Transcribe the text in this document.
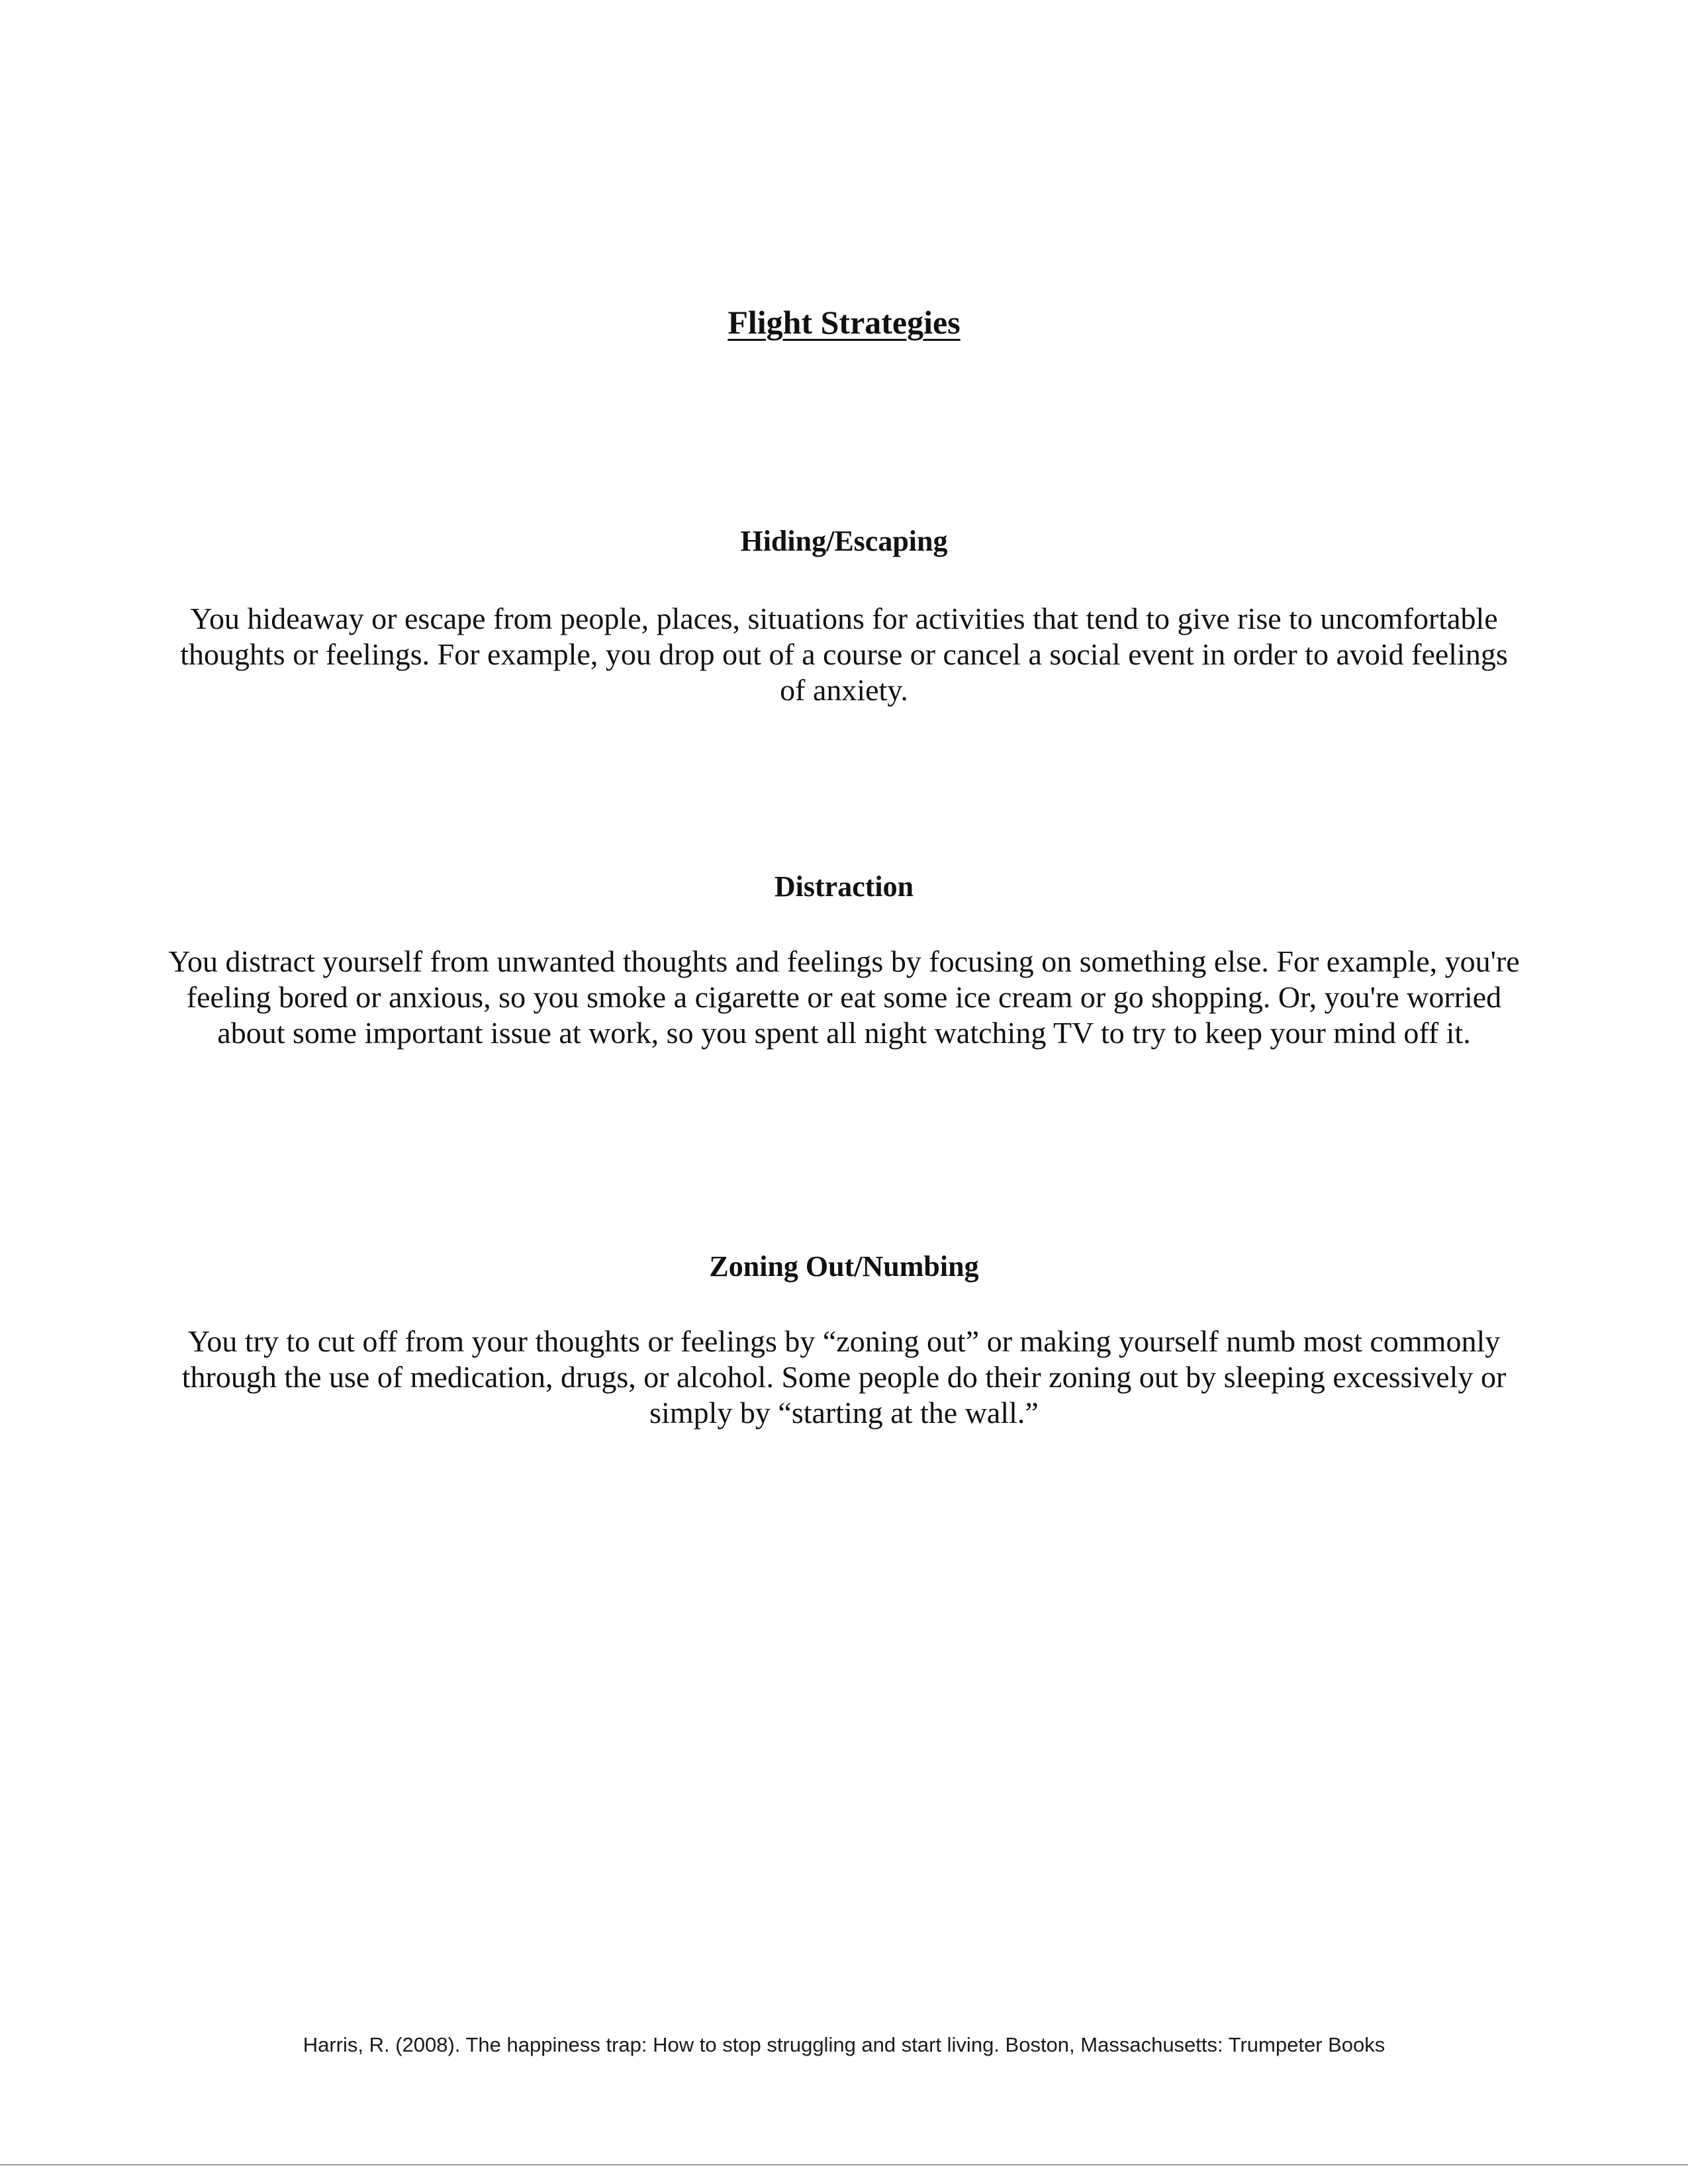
Flight Strategies

Hiding/Escaping

You hideaway or escape from people, places, situations for activities that tend to give rise to uncomfortable thoughts or feelings. For example, you drop out of a course or cancel a social event in order to avoid feelings of anxiety.

Distraction

You distract yourself from unwanted thoughts and feelings by focusing on something else. For example, you're feeling bored or anxious, so you smoke a cigarette or eat some ice cream or go shopping. Or, you're worried about some important issue at work, so you spent all night watching TV to try to keep your mind off it.

Zoning Out/Numbing

You try to cut off from your thoughts or feelings by “zoning out” or making yourself numb most commonly through the use of medication, drugs, or alcohol. Some people do their zoning out by sleeping excessively or simply by “starting at the wall.”

Harris, R. (2008). The happiness trap: How to stop struggling and start living. Boston, Massachusetts: Trumpeter Books
